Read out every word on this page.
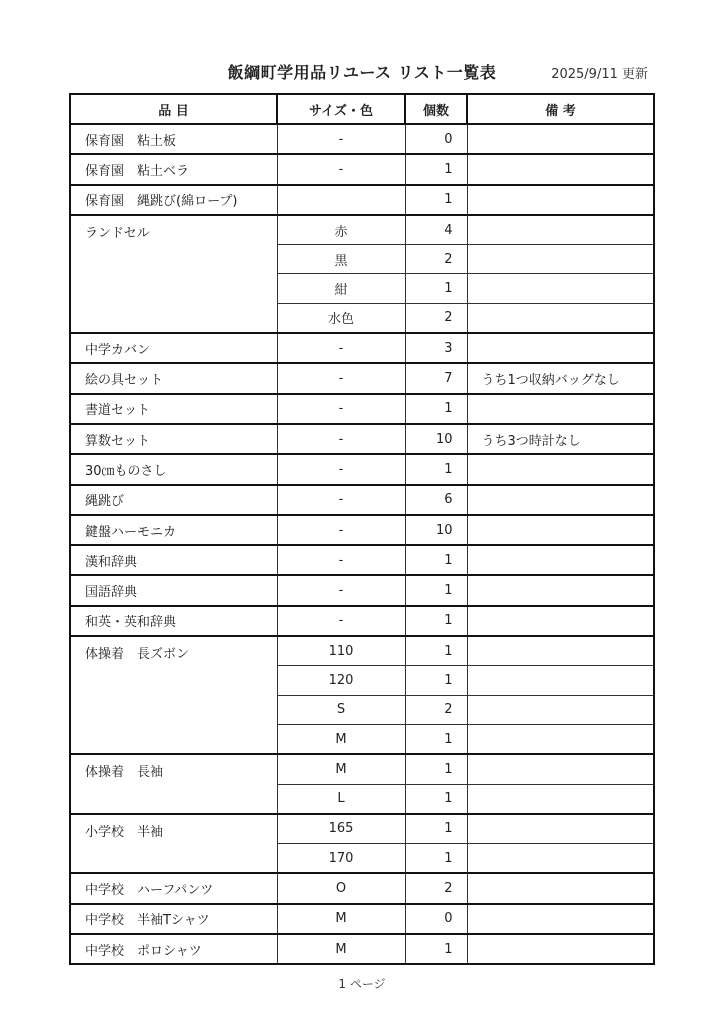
飯綱町学用品リユース リスト一覧表	2025/9/11 更新
品 目	サイズ・色	個数	備 考
保育園　粘土板	-	0	
保育園　粘土ベラ	-	1	
保育園　縄跳び(綿ロープ)		1	
ランドセル	赤	4	
	黒	2	
	紺	1	
	水色	2	
中学カバン	-	3	
絵の具セット	-	7	うち1つ収納バッグなし
書道セット	-	1	
算数セット	-	10	うち3つ時計なし
30㎝ものさし	-	1	
縄跳び	-	6	
鍵盤ハーモニカ	-	10	
漢和辞典	-	1	
国語辞典	-	1	
和英・英和辞典	-	1	
体操着　長ズボン	110	1	
	120	1	
	S	2	
	M	1	
体操着　長袖	M	1	
	L	1	
小学校　半袖	165	1	
	170	1	
中学校　ハーフパンツ	O	2	
中学校　半袖Tシャツ	M	0	
中学校　ポロシャツ	M	1	
1 ページ
